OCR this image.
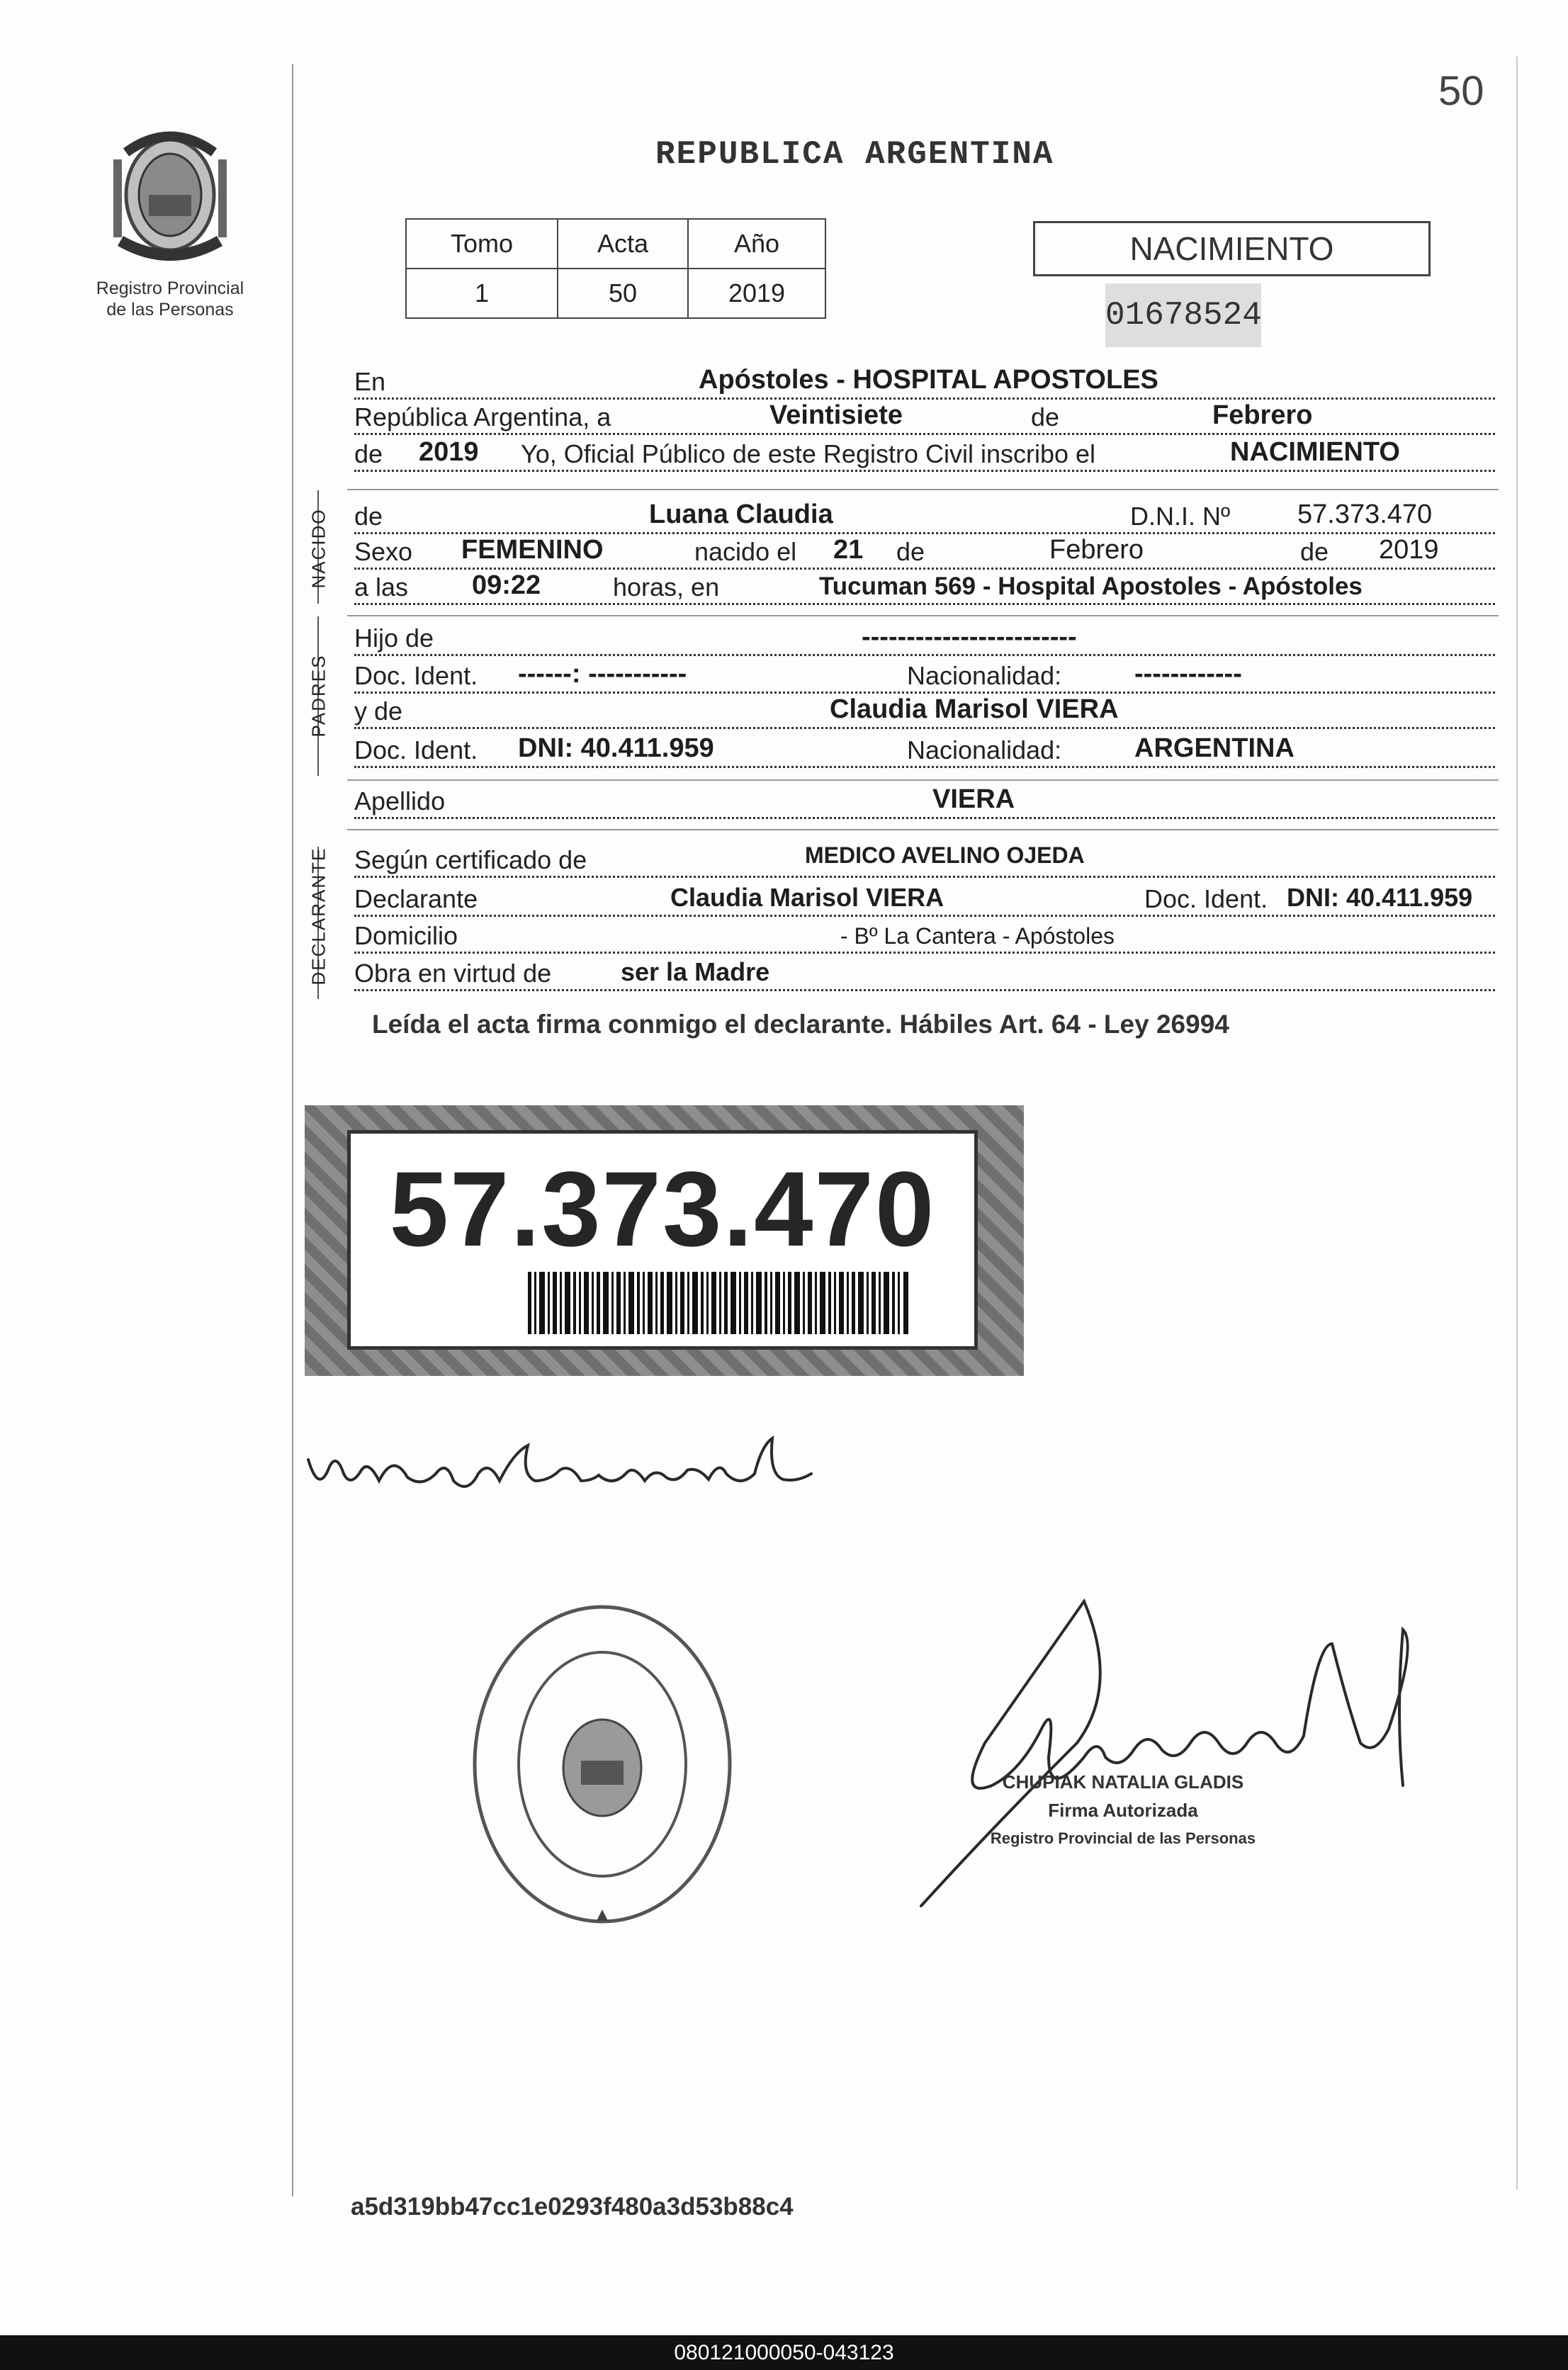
50
Registro Provincial
de las Personas
REPUBLICA ARGENTINA
Tomo	Acta	Año
1	50	2019
NACIMIENTO
01678524
En	Apóstoles - HOSPITAL APOSTOLES
República Argentina, a	Veintisiete	de	Febrero
de 2019 Yo, Oficial Público de este Registro Civil inscribo el	NACIMIENTO
NACIDO de	Luana Claudia	D.N.I. Nº 57.373.470
Sexo FEMENINO	nacido el 21 de	Febrero	de 2019
a las 09:22	horas, en	Tucuman 569 - Hospital Apostoles - Apóstoles
PADRES
Hijo de	------------------------
Doc. Ident. ------: -----------	Nacionalidad:	------------
y de	Claudia Marisol VIERA
Doc. Ident. DNI: 40.411.959	Nacionalidad:	ARGENTINA
Apellido	VIERA
DECLARANTE Según certificado de	MEDICO AVELINO OJEDA
Declarante	Claudia Marisol VIERA	Doc. Ident. DNI: 40.411.959
Domicilio	- Bº La Cantera - Apóstoles
Obra en virtud de	ser la Madre
Leída el acta firma conmigo el declarante. Hábiles Art. 64 - Ley 26994
57.373.470
CHUPIAK NATALIA GLADIS
Firma Autorizada
Registro Provincial de las Personas
a5d319bb47cc1e0293f480a3d53b88c4
080121000050-043123
